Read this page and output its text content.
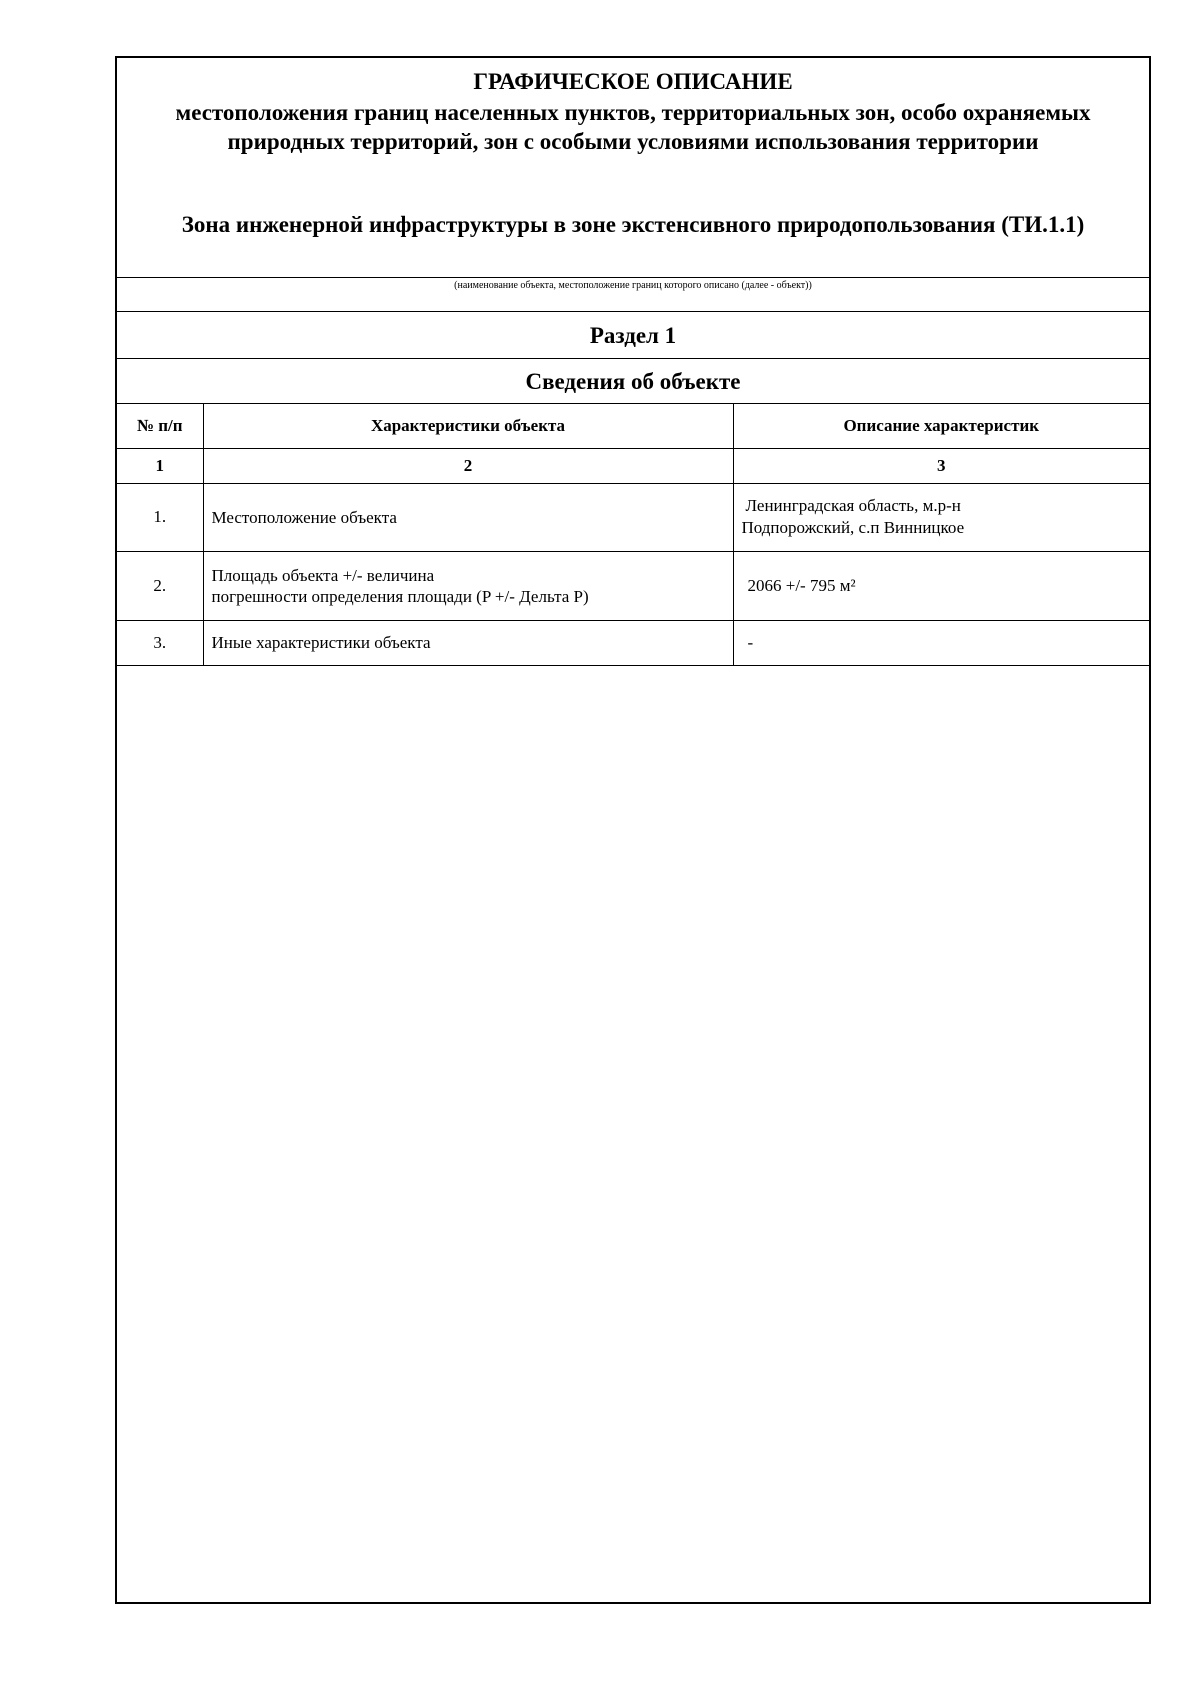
ГРАФИЧЕСКОЕ ОПИСАНИЕ
местоположения границ населенных пунктов, территориальных зон, особо охраняемых природных территорий, зон с особыми условиями использования территории
Зона инженерной инфраструктуры в зоне экстенсивного природопользования (ТИ.1.1)
(наименование объекта, местоположение границ которого описано (далее - объект))
Раздел 1
Сведения об объекте
№ п/п	Характеристики объекта	Описание характеристик
1	2	3
1.	Местоположение объекта	Ленинградская область, м.р-н
Подпорожский, с.п Винницкое

2.	Площадь объекта +/- величина
погрешности определения площади (P +/- Дельта P)	2066 +/- 795 м²
3.	Иные характеристики объекта	-
